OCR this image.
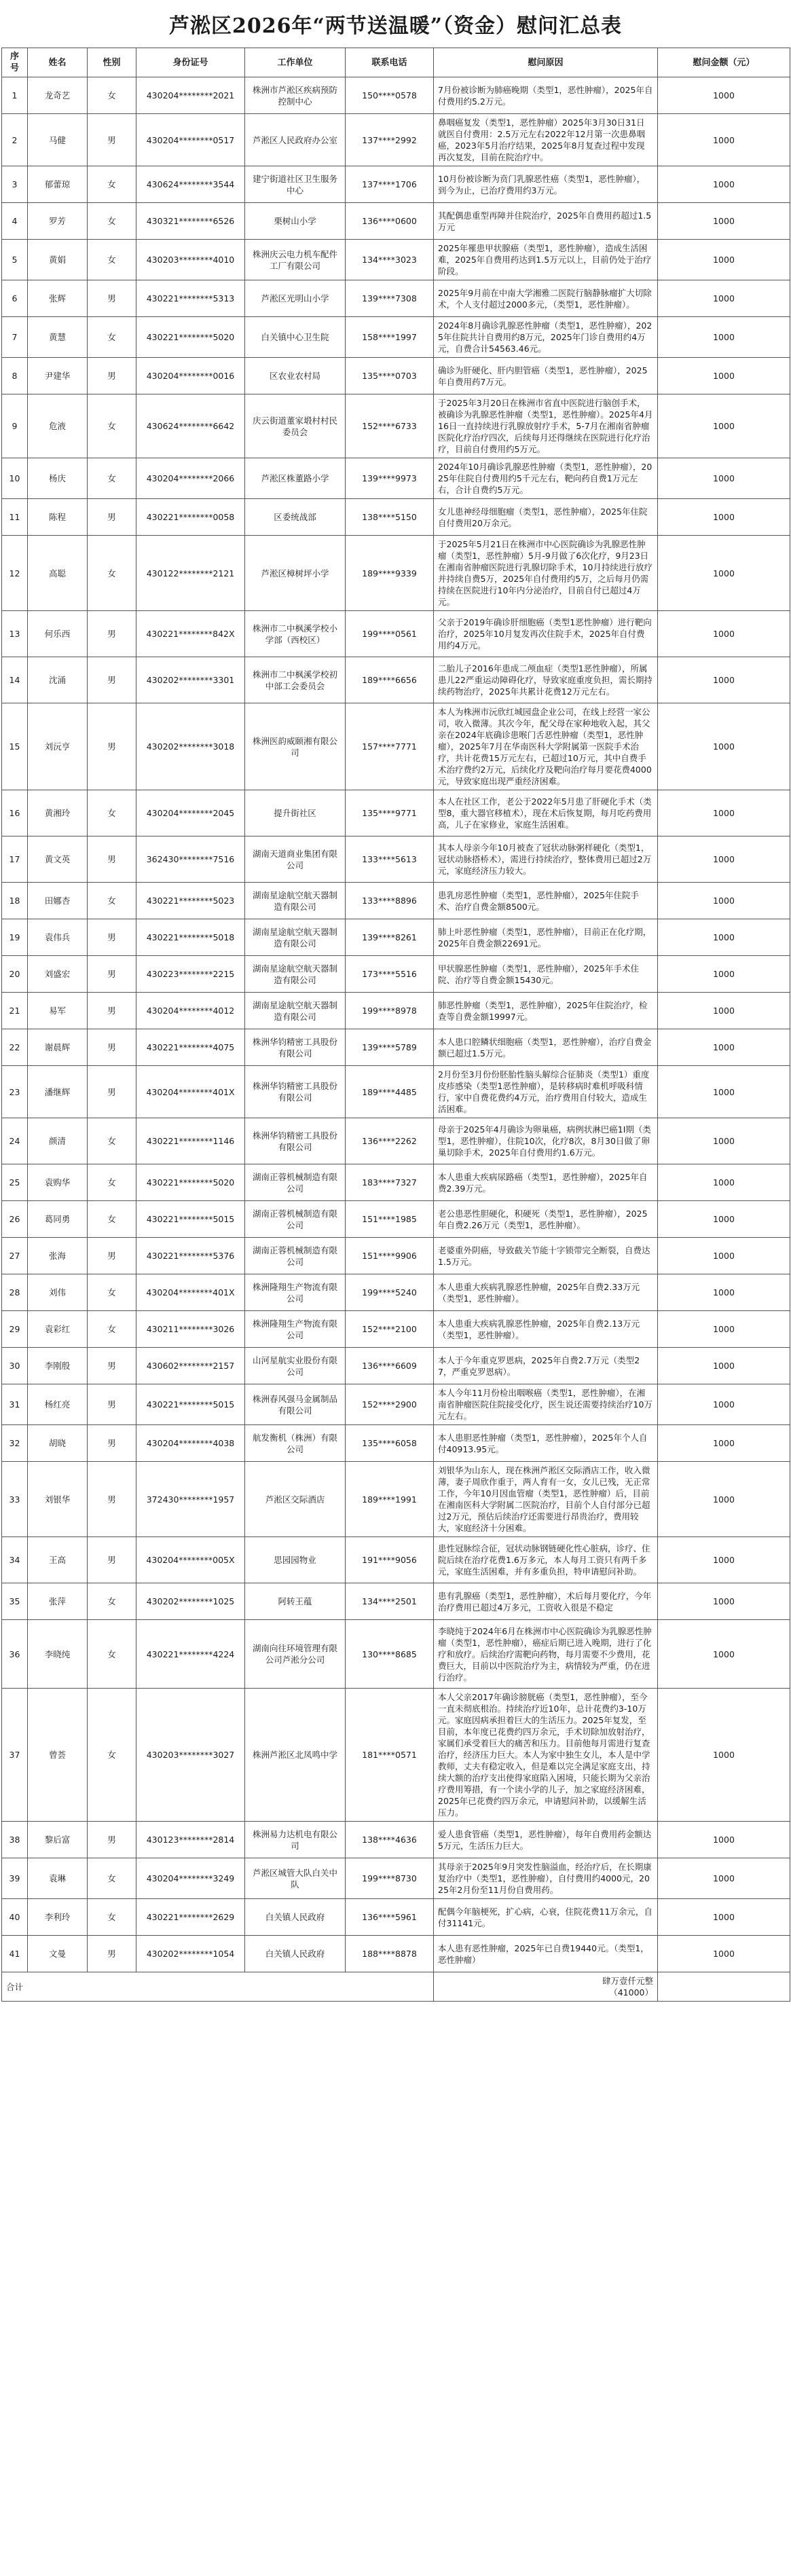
芦淞区2026年“两节送温暖”（资金）慰问汇总表
序号	姓名	性别	身份证号	工作单位	联系电话	慰问原因	慰问金额（元）
1	龙奇艺	女	430204********2021	株洲市芦淞区疾病预防控制中心	150****0578	7月份被诊断为肺癌晚期（类型1，恶性肿瘤），2025年自付费用约5.2万元。	1000
2	马健	男	430204********0517	芦淞区人民政府办公室	137****2992	鼻咽癌复发（类型1，恶性肿瘤）2025年3月30日31日就医自付费用：2.5万元左右2022年12月第一次患鼻咽癌，2023年5月治疗结果，2025年8月复查过程中发现再次复发，目前在院治疗中。	1000
3	郁蕾琼	女	430624********3544	建宁街道社区卫生服务中心	137****1706	10月份被诊断为贲门乳腺恶性癌（类型1，恶性肿瘤），到今为止，已治疗费用约3万元。	1000
4	罗芳	女	430321********6526	栗树山小学	136****0600	其配偶患重型再障并住院治疗，2025年自费用药超过1.5万元	1000
5	黄娟	女	430203********4010	株洲庆云电力机车配件工厂有限公司	134****3023	2025年罹患甲状腺癌（类型1，恶性肿瘤），造成生活困难，2025年自费用药达到1.5万元以上，目前仍处于治疗阶段。	1000
6	张辉	男	430221********5313	芦淞区光明山小学	139****7308	2025年9月前在中南大学湘雅二医院行脑静脉瘤扩大切除术，个人支付超过2000多元，（类型1，恶性肿瘤）。	1000
7	黄慧	女	430221********5020	白关镇中心卫生院	158****1997	2024年8月确诊乳腺恶性肿瘤（类型1，恶性肿瘤），2025年住院共计自费用约8万元，2025年门诊自费用约4万元，自费合计54563.46元。	1000
8	尹建华	男	430204********0016	区农业农村局	135****0703	确诊为肝硬化、肝内胆管癌（类型1，恶性肿瘤），2025年自费用药7万元。	1000
9	危液	女	430624********6642	庆云街道董家塅村村民委员会	152****6733	于2025年3月20日在株洲市省直中医院进行脑创手术，被确诊为乳腺恶性肿瘤（类型1，恶性肿瘤）。2025年4月16日一直持续进行乳腺放射疗手术，5-7月在湘南省肿瘤医院化疗治疗四次，后续每月还得继续在医院进行化疗治疗，目前自付费用约5万元。	1000
10	杨庆	女	430204********2066	芦淞区株董路小学	139****9973	2024年10月确诊乳腺恶性肿瘤（类型1，恶性肿瘤），2025年住院自付费用约5千元左右，靶向药自费1万元左右，合计自费约5万元。	1000
11	陈程	男	430221********0058	区委统战部	138****5150	女儿患神经母细胞瘤（类型1，恶性肿瘤），2025年住院自付费用20万余元。	1000
12	高聪	女	430122********2121	芦淞区樟树坪小学	189****9339	于2025年5月21日在株洲市中心医院确诊为乳腺恶性肿瘤（类型1，恶性肿瘤）5月-9月做了6次化疗，9月23日在湘南省肿瘤医院进行乳腺切除手术，10月持续进行放疗并持续自费5万，2025年自付费用约5万，之后每月仍需持续在医院进行10年内分泌治疗，目前自付已超过4万元。	1000
13	何乐西	男	430221********842X	株洲市二中枫溪学校小学部（西校区）	199****0561	父亲于2019年确诊肝细胞癌（类型1恶性肿瘤）进行靶向治疗，2025年10月复发再次住院手术，2025年自付费用约4万元。	1000
14	沈涌	男	430202********3301	株洲市二中枫溪学校初中部工会委员会	189****6656	二胎儿子2016年患成二颅血症（类型1恶性肿瘤），所属患儿22严重运动障碍化疗，导致家庭重度负担，需长期持续药物治疗，2025年共累计花费12万元左右。	1000
15	刘沅亨	男	430202********3018	株洲医韵威颐湘有限公司	157****7771	本人为株洲市沅欣红城园盘企业公司，在线上经营一家公司，收入微薄。其次今年，配父母在家种地收入起，其父亲在2024年底确诊患喉门舌恶性肿瘤（类型1，恶性肿瘤），2025年7月在华南医科大学附属第一医院手术治疗，共计花费15万元左右，已超过10万元，其中自费手术治疗费约2万元，后续化疗及靶向治疗每月要花费4000元，导致家庭出现严重经济困难。	1000
16	黄湘玲	女	430204********2045	提升街社区	135****9771	本人在社区工作，老公于2022年5月患了肝硬化手术（类型8，重大器官移植术），现在术后恢复期，每月吃药费用高，儿子在家修业，家庭生活困难。	1000
17	黄文英	男	362430********7516	湖南天道商业集团有限公司	133****5613	其本人母亲今年10月被查了冠状动脉粥样硬化（类型1，冠状动脉搭桥术），需进行持续治疗，整体费用已超过2万元，家庭经济压力较大。	1000
18	田娜杏	女	430221********5023	湖南星途航空航天器制造有限公司	133****8896	患乳房恶性肿瘤（类型1，恶性肿瘤），2025年住院手术、治疗自费金额8500元。	1000
19	袁伟兵	男	430221********5018	湖南星途航空航天器制造有限公司	139****8261	肺上叶恶性肿瘤（类型1，恶性肿瘤），目前正在化疗期，2025年自费金额22691元。	1000
20	刘盛宏	男	430223********2215	湖南星途航空航天器制造有限公司	173****5516	甲状腺恶性肿瘤（类型1，恶性肿瘤），2025年手术住院、治疗等自费金额15430元。	1000
21	易军	男	430204********4012	湖南星途航空航天器制造有限公司	199****8978	肺恶性肿瘤（类型1，恶性肿瘤），2025年住院治疗，检查等自费金额19997元。	1000
22	谢晨辉	男	430221********4075	株洲华钧精密工具股份有限公司	139****5789	本人患口腔鳞状细胞癌（类型1，恶性肿瘤），治疗自费金额已超过1.5万元。	1000
23	潘继辉	男	430204********401X	株洲华钧精密工具股份有限公司	189****4485	2月份至3月份份胚胎性脑头解综合征肺炎（类型1）重度皮疹感染（类型1恶性肿瘤），是转移病时难机呼吸科情行，家中自费花费约4万元，治疗费用自付较大，造成生活困难。	1000
24	颜清	女	430221********1146	株洲华钧精密工具股份有限公司	136****2262	母亲于2025年4月确诊为卵巢癌，病例状淋巴癌1I期（类型1，恶性肿瘤），住院10次，化疗8次，8月30日做了卵巢切除手术，2025年自付费用约1.6万元。	1000
25	袁购华	女	430221********5020	湖南正蓉机械制造有限公司	183****7327	本人患重大疾病尿路癌（类型1，恶性肿瘤），2025年自费2.39万元。	1000
26	葛同勇	女	430221********5015	湖南正蓉机械制造有限公司	151****1985	老公患恶性胆硬化，积硬死（类型1，恶性肿瘤），2025年自费2.26万元（类型1，恶性肿瘤）。	1000
27	张海	男	430221********5376	湖南正蓉机械制造有限公司	151****9906	老婆重外阴癌，导致截关节能十字锁带完全断裂，自费达1.5万元。	1000
28	刘伟	女	430204********401X	株洲隆翔生产物流有限公司	199****5240	本人患重大疾病乳腺恶性肿瘤，2025年自费2.33万元（类型1，恶性肿瘤）。	1000
29	袁彩红	女	430211********3026	株洲隆翔生产物流有限公司	152****2100	本人患重大疾病乳腺恶性肿瘤，2025年自费2.13万元（类型1，恶性肿瘤）。	1000
30	李刚殷	男	430602********2157	山河星航实业股份有限公司	136****6609	本人于今年重克罗恩病，2025年自费2.7万元（类型27，严重克罗恩病）。	1000
31	杨红亮	男	430221********5015	株洲春风强马金属制品有限公司	152****2900	本人今年11月份检出咽喉癌（类型1，恶性肿瘤），在湘南省肿瘤医院住院接受化疗，医生说还需要持续治疗10万元左右。	1000
32	胡晓	男	430204********4038	航发衡机（株洲）有限公司	135****6058	本人患胆恶性肿瘤（类型1，恶性肿瘤），2025年个人自付40913.95元。	1000
33	刘银华	男	372430********1957	芦淞区交际酒店	189****1991	刘银华为山东人，现在株洲芦淞区交际酒店工作，收入微薄，妻子周欣作重于，两人育有一女，女儿已残，无正常工作，今年10月因血管瘤（类型1，恶性肿瘤）后，目前在湘南医科大学附属二医院治疗，目前个人自付部分已超过2万元，预估后续治疗还需要进行昂贵治疗，费用较大，家庭经济十分困难。	1000
34	王高	男	430204********005X	思园园物业	191****9056	患性冠脉综合征，冠状动脉钢链硬化性心脏病，诊疗、住院后续在治疗花费1.6万多元，本人每月工资只有两千多元，家庭生活困难，并有多重负担，特申请慰问补助。	1000
35	张萍	女	430202********1025	阿转王蕴	134****2501	患有乳腺癌（类型1，恶性肿瘤），术后每月要化疗，今年治疗费用已超过4万多元，工资收入很是不稳定	1000
36	李晓纯	女	430221********4224	湖南向往环境管理有限公司芦淞分公司	130****8685	李晓纯于2024年6月在株洲市中心医院确诊为乳腺恶性肿瘤（类型1，恶性肿瘤），癌症后期已进入晚期，进行了化疗和放疗。后续治疗需靶向药物，每月需要不少费用，花费巨大，目前以中医院治疗为主，病情较为严重，仍在进行治疗。	1000
37	曾荟	女	430203********3027	株洲芦淞区北凤鸣中学	181****0571	本人父亲2017年确诊膀胱癌（类型1，恶性肿瘤），至今一直未彻底根治。持续治疗近10年，总计花费约3-10万元。家庭因病承担着巨大的生活压力。2025年复发，至目前，本年度已花费约四万余元，手术切除加放射治疗，家属们承受着巨大的痛苦和压力。目前他每月需进行复查治疗，经济压力巨大。本人为家中独生女儿，本人是中学教师，丈夫有稳定收入，但是难以完全满足家庭支出，持续大额的治疗支出使得家庭陷入困境，只能长期为父亲治疗费用筹措，有一个读小学的儿子，加之家庭经济困难，2025年已花费约四万余元，申请慰问补助，以缓解生活压力。	1000
38	黎后富	男	430123********2814	株洲易力达机电有限公司	138****4636	爱人患食管癌（类型1，恶性肿瘤），每年自费用药金额达5万元，生活压力巨大。	1000
39	袁琳	女	430204********3249	芦淞区城管大队白关中队	199****8730	其母亲于2025年9月突发性脑溢血，经治疗后，在长期康复治疗中（类型1，恶性肿瘤），自付费用约4000元，2025年2月份至11月份自费用药。	1000
40	李利玲	女	430221********2629	白关镇人民政府	136****5961	配偶今年脑梗死，扩心病，心衰，住院花费11万余元，自付31141元。	1000
41	文曼	男	430202********1054	白关镇人民政府	188****8878	本人患有恶性肿瘤，2025年已自费19440元。（类型1，恶性肿瘤）	1000
合计						肆万壹仟元整
（41000）	
